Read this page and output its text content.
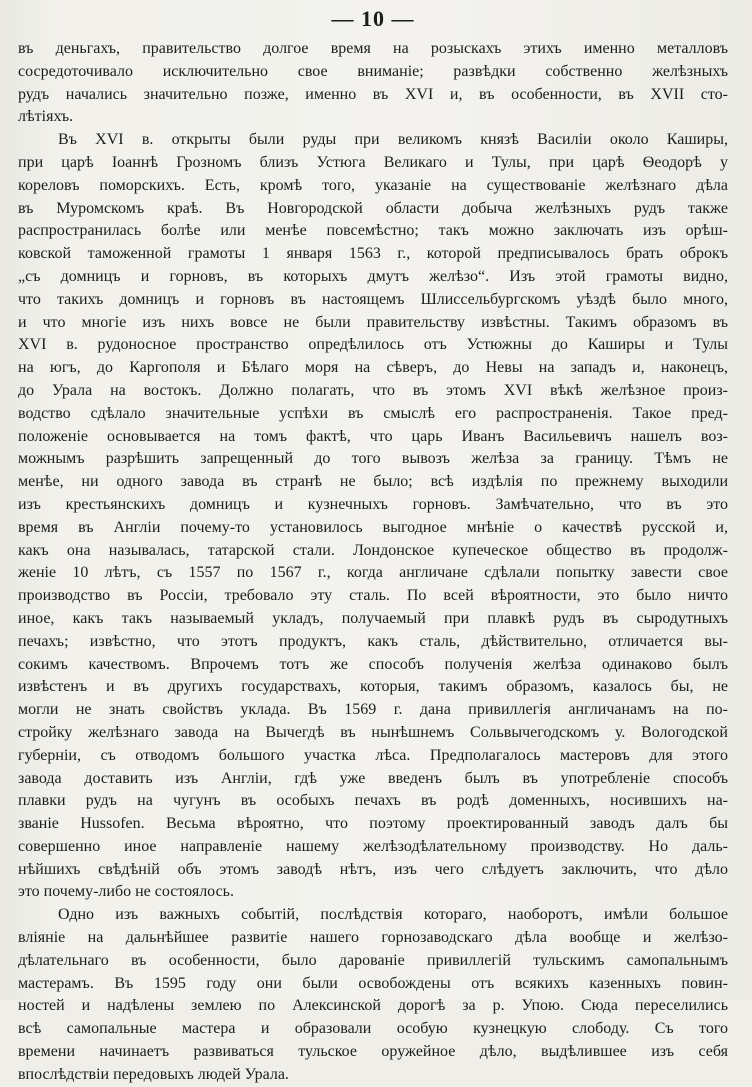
— 10 —
въ деньгахъ, правительство долгое время на розыскахъ этихъ именно металловъ
сосредоточивало исключительно свое вниманіе; развѣдки собственно желѣзныхъ
рудъ начались значительно позже, именно въ XVI и, въ особенности, въ XVII сто-
лѣтіяхъ.
Въ XVI в. открыты были руды при великомъ князѣ Василіи около Каширы,
при царѣ Іоаннѣ Грозномъ близъ Устюга Великаго и Тулы, при царѣ Ѳеодорѣ у
кореловъ поморскихъ. Есть, кромѣ того, указаніе на существованіе желѣзнаго дѣла
въ Муромскомъ краѣ. Въ Новгородской области добыча желѣзныхъ рудъ также
распространилась болѣе или менѣе повсемѣстно; такъ можно заключать изъ орѣш-
ковской таможенной грамоты 1 января 1563 г., которой предписывалось брать оброкъ
„съ домницъ и горновъ, въ которыхъ дмутъ желѣзо“. Изъ этой грамоты видно,
что такихъ домницъ и горновъ въ настоящемъ Шлиссельбургскомъ уѣздѣ было много,
и что многіе изъ нихъ вовсе не были правительству извѣстны. Такимъ образомъ въ
XVI в. рудоносное пространство опредѣлилось отъ Устюжны до Каширы и Тулы
на югъ, до Каргополя и Бѣлаго моря на сѣверъ, до Невы на западъ и, наконецъ,
до Урала на востокъ. Должно полагать, что въ этомъ XVI вѣкѣ желѣзное произ-
водство сдѣлало значительные успѣхи въ смыслѣ его распространенія. Такое пред-
положеніе основывается на томъ фактѣ, что царь Иванъ Васильевичъ нашелъ воз-
можнымъ разрѣшить запрещенный до того вывозъ желѣза за границу. Тѣмъ не
менѣе, ни одного завода въ странѣ не было; всѣ издѣлія по прежнему выходили
изъ крестьянскихъ домницъ и кузнечныхъ горновъ. Замѣчательно, что въ это
время въ Англіи почему-то установилось выгодное мнѣніе о качествѣ русской и,
какъ она называлась, татарской стали. Лондонское купеческое общество въ продолж-
женіе 10 лѣтъ, съ 1557 по 1567 г., когда англичане сдѣлали попытку завести свое
производство въ Россіи, требовало эту сталь. По всей вѣроятности, это было ничто
иное, какъ такъ называемый укладъ, получаемый при плавкѣ рудъ въ сыродутныхъ
печахъ; извѣстно, что этотъ продуктъ, какъ сталь, дѣйствительно, отличается вы-
сокимъ качествомъ. Впрочемъ тотъ же способъ полученія желѣза одинаково былъ
извѣстенъ и въ другихъ государствахъ, которыя, такимъ образомъ, казалось бы, не
могли не знать свойствъ уклада. Въ 1569 г. дана привиллегія англичанамъ на по-
стройку желѣзнаго завода на Вычегдѣ въ нынѣшнемъ Сольвычегодскомъ у. Вологодской
губерніи, съ отводомъ большого участка лѣса. Предполагалось мастеровъ для этого
завода доставить изъ Англіи, гдѣ уже введенъ былъ въ употребленіе способъ
плавки рудъ на чугунъ въ особыхъ печахъ въ родѣ доменныхъ, носившихъ на-
званіе Hussofen. Весьма вѣроятно, что поэтому проектированный заводъ далъ бы
совершенно иное направленіе нашему желѣзодѣлательному производству. Но даль-
нѣйшихъ свѣдѣній объ этомъ заводѣ нѣтъ, изъ чего слѣдуетъ заключить, что дѣло
это почему-либо не состоялось.
Одно изъ важныхъ событій, послѣдствія котораго, наоборотъ, имѣли большое
вліяніе на дальнѣйшее развитіе нашего горнозаводскаго дѣла вообще и желѣзо-
дѣлательнаго въ особенности, было дарованіе привиллегій тульскимъ самопальнымъ
мастерамъ. Въ 1595 году они были освобождены отъ всякихъ казенныхъ повин-
ностей и надѣлены землею по Алексинской дорогѣ за р. Упою. Сюда переселились
всѣ самопальные мастера и образовали особую кузнецкую слободу. Съ того
времени начинаетъ развиваться тульское оружейное дѣло, выдѣлившее изъ себя
впослѣдствіи передовыхъ людей Урала.
